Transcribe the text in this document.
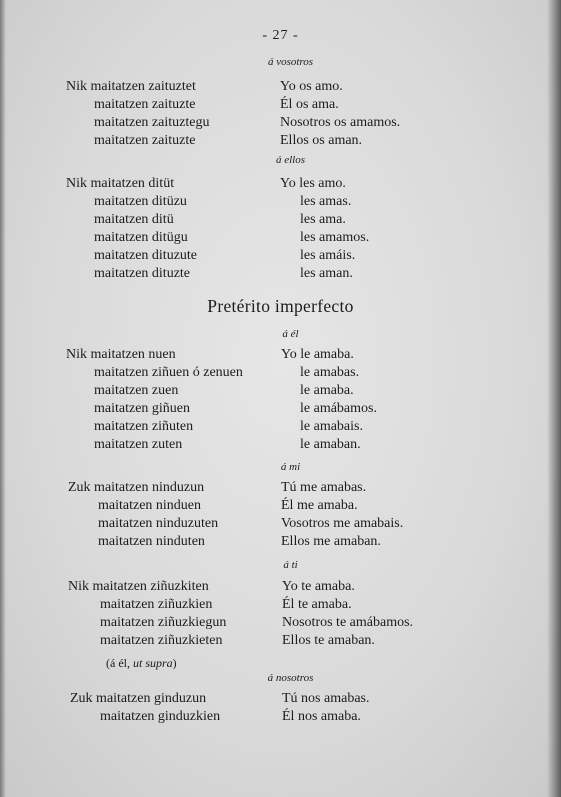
- 27 -
Pretérito imperfecto
(á él, ut supra)
á vosotros
Nik maitatzen zaituztet	Yo os amo.
maitatzen zaituzte	Él os ama.
maitatzen zaituztegu	Nosotros os amamos.
maitatzen zaituzte	Ellos os aman.
á ellos
Nik maitatzen ditüt	Yo les amo.
maitatzen ditüzu	les amas.
maitatzen ditü	les ama.
maitatzen ditügu	les amamos.
maitatzen dituzute	les amáis.
maitatzen dituzte	les aman.
á él
Nik maitatzen nuen	Yo le amaba.
maitatzen ziñuen ó zenuen	le amabas.
maitatzen zuen	le amaba.
maitatzen giñuen	le amábamos.
maitatzen ziñuten	le amabais.
maitatzen zuten	le amaban.
á mi
Zuk maitatzen ninduzun	Tú me amabas.
maitatzen ninduen	Él me amaba.
maitatzen ninduzuten	Vosotros me amabais.
maitatzen ninduten	Ellos me amaban.
á ti
Nik maitatzen ziñuzkiten	Yo te amaba.
maitatzen ziñuzkien	Él te amaba.
maitatzen ziñuzkiegun	Nosotros te amábamos.
maitatzen ziñuzkieten	Ellos te amaban.
á nosotros
Zuk maitatzen ginduzun	Tú nos amabas.
maitatzen ginduzkien	Él nos amaba.
